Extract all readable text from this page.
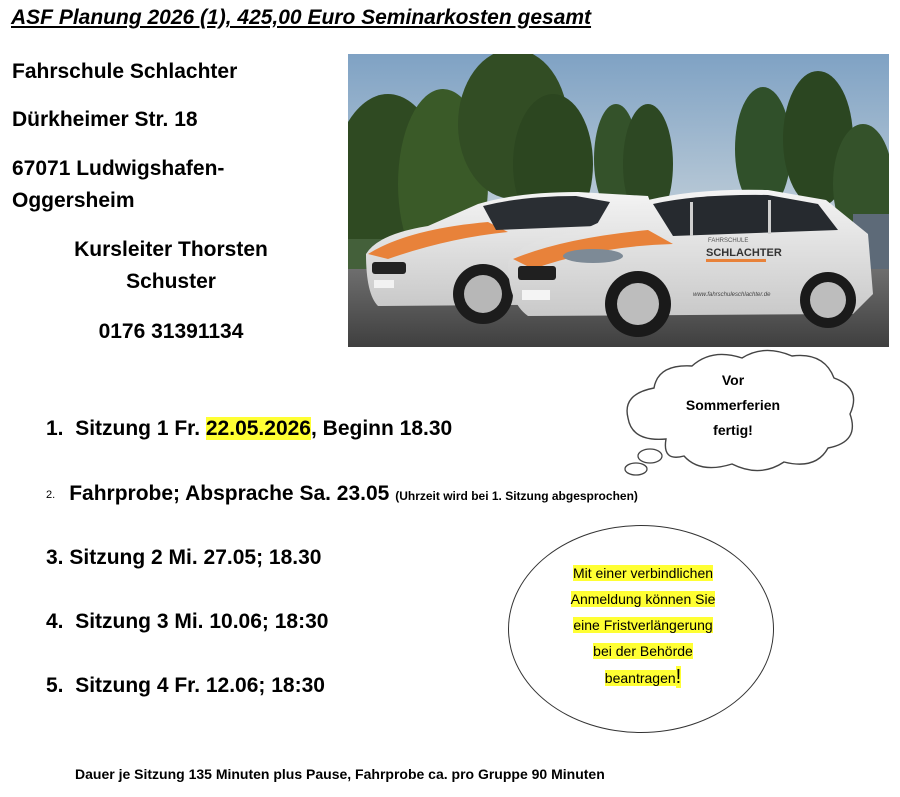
ASF Planung 2026 (1), 425,00 Euro Seminarkosten gesamt
Fahrschule Schlachter
Dürkheimer Str. 18
67071 Ludwigshafen-
Oggersheim
Kursleiter Thorsten
Schuster
0176 31391134
FAHRSCHULE
SCHLACHTER
www.fahrschuleschlachter.de
Vor
Sommerferien
fertig!
1. Sitzung 1 Fr. 22.05.2026, Beginn 18.30
2. Fahrprobe; Absprache Sa. 23.05 (Uhrzeit wird bei 1. Sitzung abgesprochen)
3. Sitzung 2 Mi. 27.05; 18.30
4. Sitzung 3 Mi. 10.06; 18:30
5. Sitzung 4 Fr. 12.06; 18:30
Mit einer verbindlichen
Anmeldung können Sie
eine Fristverlängerung
bei der Behörde
beantragen!
Dauer je Sitzung 135 Minuten plus Pause, Fahrprobe ca. pro Gruppe 90 Minuten
